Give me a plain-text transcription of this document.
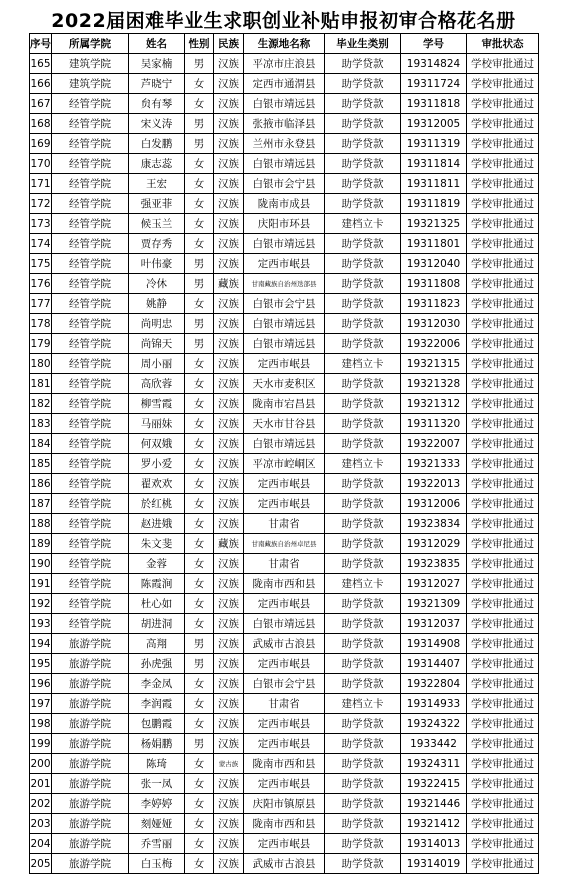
2022届困难毕业生求职创业补贴申报初审合格花名册
序号	所属学院	姓名	性别	民族	生源地名称	毕业生类别	学号	审批状态
165	建筑学院	吴家楠	男	汉族	平凉市庄浪县	助学贷款	19314824	学校审批通过
166	建筑学院	芦晓宁	女	汉族	定西市通渭县	助学贷款	19311724	学校审批通过
167	经管学院	贠有琴	女	汉族	白银市靖远县	助学贷款	19311818	学校审批通过
168	经管学院	宋义涛	男	汉族	张掖市临泽县	助学贷款	19312005	学校审批通过
169	经管学院	白发鹏	男	汉族	兰州市永登县	助学贷款	19311319	学校审批通过
170	经管学院	康志蕊	女	汉族	白银市靖远县	助学贷款	19311814	学校审批通过
171	经管学院	王宏	女	汉族	白银市会宁县	助学贷款	19311811	学校审批通过
172	经管学院	强亚菲	女	汉族	陇南市成县	助学贷款	19311819	学校审批通过
173	经管学院	候玉兰	女	汉族	庆阳市环县	建档立卡	19321325	学校审批通过
174	经管学院	贾存秀	女	汉族	白银市靖远县	助学贷款	19311801	学校审批通过
175	经管学院	叶伟豪	男	汉族	定西市岷县	助学贷款	19312040	学校审批通过
176	经管学院	冷休	男	藏族	甘南藏族自治州迭部县	助学贷款	19311808	学校审批通过
177	经管学院	姚静	女	汉族	白银市会宁县	助学贷款	19311823	学校审批通过
178	经管学院	尚明忠	男	汉族	白银市靖远县	助学贷款	19312030	学校审批通过
179	经管学院	尚锦天	男	汉族	白银市靖远县	助学贷款	19322006	学校审批通过
180	经管学院	周小丽	女	汉族	定西市岷县	建档立卡	19321315	学校审批通过
181	经管学院	高欣蓉	女	汉族	天水市麦积区	助学贷款	19321328	学校审批通过
182	经管学院	柳雪霞	女	汉族	陇南市宕昌县	助学贷款	19321312	学校审批通过
183	经管学院	马丽妹	女	汉族	天水市甘谷县	助学贷款	19311320	学校审批通过
184	经管学院	何双娥	女	汉族	白银市靖远县	助学贷款	19322007	学校审批通过
185	经管学院	罗小爱	女	汉族	平凉市崆峒区	建档立卡	19321333	学校审批通过
186	经管学院	翟欢欢	女	汉族	定西市岷县	助学贷款	19322013	学校审批通过
187	经管学院	於红桃	女	汉族	定西市岷县	助学贷款	19312006	学校审批通过
188	经管学院	赵进娥	女	汉族	甘肃省	助学贷款	19323834	学校审批通过
189	经管学院	朱文斐	女	藏族	甘南藏族自治州卓尼县	助学贷款	19312029	学校审批通过
190	经管学院	金蓉	女	汉族	甘肃省	助学贷款	19323835	学校审批通过
191	经管学院	陈霞涧	女	汉族	陇南市西和县	建档立卡	19312027	学校审批通过
192	经管学院	杜心如	女	汉族	定西市岷县	助学贷款	19321309	学校审批通过
193	经管学院	胡进洞	女	汉族	白银市靖远县	助学贷款	19312037	学校审批通过
194	旅游学院	高翔	男	汉族	武威市古浪县	助学贷款	19314908	学校审批通过
195	旅游学院	孙虎强	男	汉族	定西市岷县	助学贷款	19314407	学校审批通过
196	旅游学院	李金凤	女	汉族	白银市会宁县	助学贷款	19322804	学校审批通过
197	旅游学院	李润霞	女	汉族	甘肃省	建档立卡	19314933	学校审批通过
198	旅游学院	包鹏霞	女	汉族	定西市岷县	助学贷款	19324322	学校审批通过
199	旅游学院	杨娟鹏	男	汉族	定西市岷县	助学贷款	1933442	学校审批通过
200	旅游学院	陈琦	女	蒙古族	陇南市西和县	助学贷款	19324311	学校审批通过
201	旅游学院	张一凤	女	汉族	定西市岷县	助学贷款	19322415	学校审批通过
202	旅游学院	李婷婷	女	汉族	庆阳市镇原县	助学贷款	19321446	学校审批通过
203	旅游学院	刻娅娅	女	汉族	陇南市西和县	助学贷款	19321412	学校审批通过
204	旅游学院	乔雪丽	女	汉族	定西市岷县	助学贷款	19314013	学校审批通过
205	旅游学院	白玉梅	女	汉族	武威市古浪县	助学贷款	19314019	学校审批通过
